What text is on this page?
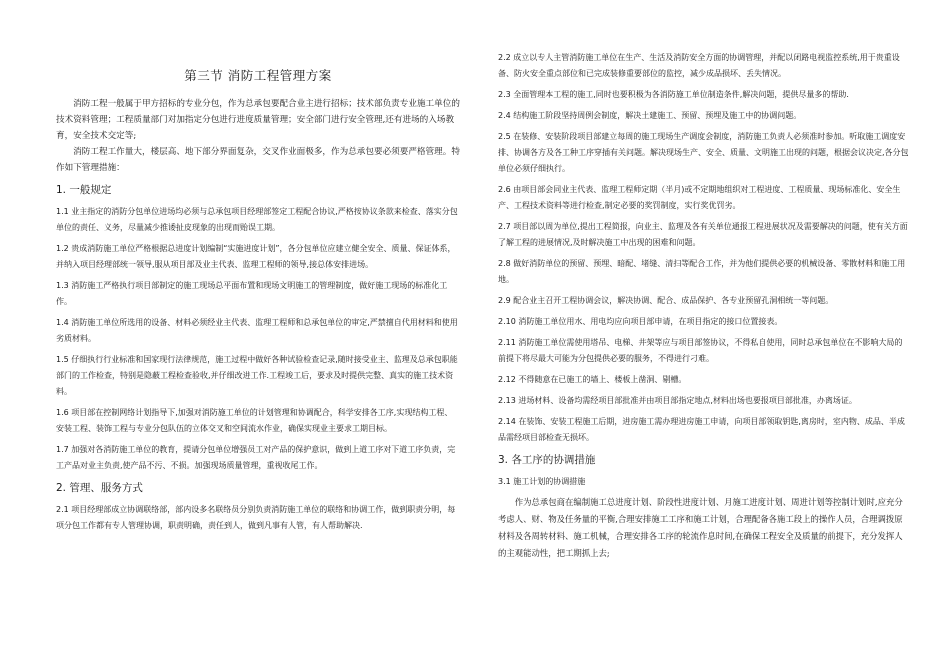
第三节 消防工程管理方案

消防工程一般属于甲方招标的专业分包，作为总承包要配合业主进行招标；技术部负责专业施工单位的技术资料管理；工程质量部门对加指定分包进行进度质量管理；安全部门进行安全管理,还有进场的入场教育，安全技术交定等;

消防工程工作量大，楼层高、地下部分界面复杂，交叉作业面极多，作为总承包要必须要严格管理。特作如下管理措施：

1. 一般规定

1.1 业主指定的消防分包单位进场均必须与总承包项目经理部签定工程配合协议,严格按协议条款来检查、落实分包单位的责任、义务，尽量减少推诿扯皮现象的出现而贻误工期。

1.2 贵成消防施工单位严格根据总进度计划编制“实施进度计划”，各分包单位应建立健全安全、质量、保证体系，并纳入项目经理部统一领导,服从项目部及业主代表、监理工程师的领导,接总体安排进场。

1.3 消防施工严格执行项目部制定的施工现场总平面布置和现场文明施工的管理制度，做好施工现场的标准化工作。

1.4 消防施工单位所选用的设备、材料必须经业主代表、监理工程师和总承包单位的审定,严禁擅自代用材料和使用劣质材料。

1.5 仔细执行行业标准和国家现行法律规范，施工过程中做好各种试验检查记录,随时接受业主、监理及总承包职能部门的工作检查，特别是隐蔽工程检查验收,并仔细改进工作.工程竣工后，要求及时提供完整、真实的施工技术资料。

1.6 项目部在控制网络计划指导下,加强对消防施工单位的计划管理和协调配合，科学安排各工序,实现结构工程、安装工程、装饰工程与专业分包队伍的立体交叉和空间流水作业，确保实现业主要求工期目标。

1.7 加强对各消防施工单位的教育，提请分包单位增强员工对产品的保护意识，做到上道工序对下道工序负责，完工产品对业主负责,使产品不污、不损。加强现场质量管理，重视收尾工作。

2. 管理、服务方式

2.1 项目经理部成立协调联络部，部内设多名联络员分别负责消防施工单位的联络和协调工作，做到职责分明，每项分包工作都有专人管理协调，职责明确，责任到人，做到凡事有人管，有人帮助解决.

2.2 成立以专人主管消防施工单位在生产、生活及消防安全方面的协调管理，并配以闭路电视监控系统,用于贵重设备、防火安全重点部位和已完成装修重要部位的监控，减少成品损坏、丢失情况。

2.3 全面管理本工程的施工,同时也要积极为各消防施工单位制造条件,解决问题，提供尽量多的帮助.

2.4 结构施工阶段坚持周例会制度，解决土建施工、预留、预埋及施工中的协调问题。

2.5 在装修、安装阶段项目部建立每周的施工现场生产调度会制度，消防施工负责人必须准时参加。听取施工调度安排、协调各方及各工种工序穿插有关问题。解决现场生产、安全、质量、文明施工出现的问题，根据会议决定,各分包单位必须仔细执行。

2.6 由项目部会同业主代表、监理工程师定期（半月)或不定期地组织对工程进度、工程质量、现场标准化、安全生产、工程技术资料等进行检查,制定必要的奖罚制度，实行奖优罚劣。

2.7 项目部以周为单位,提出工程简报，向业主、监理及各有关单位通报工程进展状况及需要解决的问题，使有关方面了解工程的进展情况,及时解决施工中出现的困难和问题。

2.8 做好消防单位的预留、预埋、暗配、堵缝、清扫等配合工作，并为他们提供必要的机械设备、零散材料和施工用地。

2.9 配合业主召开工程协调会议，解决协调、配合、成品保护、各专业预留孔洞相统一等问题。

2.10 消防施工单位用水、用电均应向项目部申请，在项目指定的接口位置接表。

2.11 消防施工单位需使用塔吊、电梯、井架等应与项目部签协议，不得私自使用，同时总承包单位在不影响大局的前提下将尽最大可能为分包提供必要的服务，不得进行刁难。

2.12 不得随意在已施工的墙上、楼板上凿洞、剔槽。

2.13 进场材料、设备均需经项目部批准并由项目部指定地点,材料出场也要报项目部批准，办离场证。

2.14 在装饰、安装工程施工后期，进房施工需办理进房施工申请，向项目部领取钥匙,离房时，室内物、成品、半成品需经项目部检查无损坏。

3. 各工序的协调措施

3.1 施工计划的协调措施

作为总承包商在编制施工总进度计划、阶段性进度计划、月施工进度计划、周进计划等控制计划时,应充分考虑人、财、物及任务量的平衡,合理安排施工工序和施工计划，合理配备各施工段上的操作人员，合理调拨原材料及各周转材料、施工机械，合理安排各工序的轮流作息时间,在确保工程安全及质量的前提下，充分发挥人的主观能动性，把工期抓上去;
